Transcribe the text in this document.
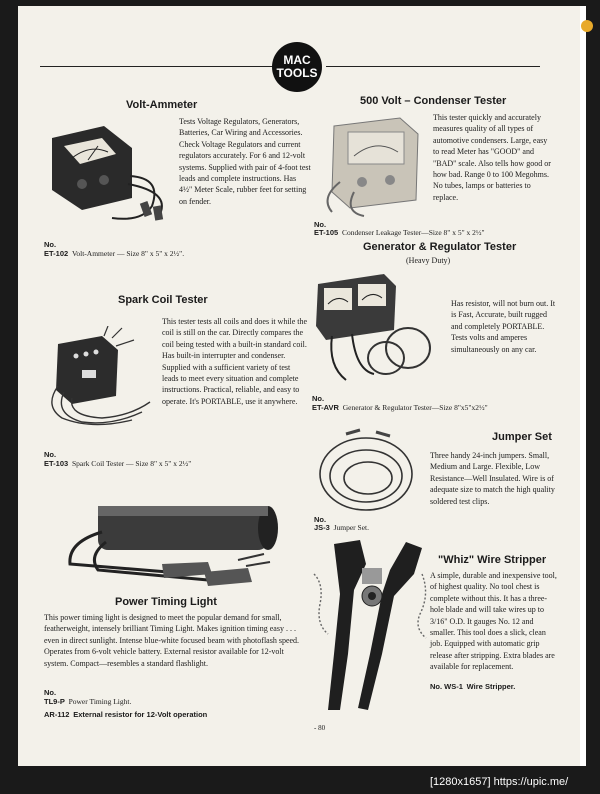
MAC
TOOLS
Volt-Ammeter
Tests Voltage Regulators, Generators, Batteries, Car Wiring and Accessories. Check Voltage Regulators and current regulators accurately. For 6 and 12-volt systems. Supplied with pair of 4-foot test leads and complete instructions. Has 4½" Meter Scale, rubber feet for setting on fender.
No.
ET-102 Volt-Ammeter — Size 8" x 5" x 2½".
500 Volt – Condenser Tester
This tester quickly and accurately measures quality of all types of automotive condensers. Large, easy to read Meter has "GOOD" and "BAD" scale. Also tells how good or how bad. Range 0 to 100 Megohms. No tubes, lamps or batteries to replace.
No.
ET-105 Condenser Leakage Tester—Size 8" x 5" x 2½"
Generator & Regulator Tester
(Heavy Duty)
Has resistor, will not burn out. It is Fast, Accurate, built rugged and completely PORTABLE. Tests volts and amperes simultaneously on any car.
No.
ET-AVR Generator & Regulator Tester—Size 8"x5"x2½"
Spark Coil Tester
This tester tests all coils and does it while the coil is still on the car. Directly compares the coil being tested with a built-in standard coil. Has built-in interrupter and condenser. Supplied with a sufficient variety of test leads to meet every situation and complete instructions. Practical, reliable, and easy to operate. It's PORTABLE, use it anywhere.
No.
ET-103 Spark Coil Tester — Size 8" x 5" x 2½"
Jumper Set
Three handy 24-inch jumpers. Small, Medium and Large. Flexible, Low Resistance—Well Insulated. Wire is of adequate size to match the high quality soldered test clips.
No.
JS-3 Jumper Set.
Power Timing Light
This power timing light is designed to meet the popular demand for small, featherweight, intensely brilliant Timing Light. Makes ignition timing easy . . . even in direct sunlight. Intense blue-white focused beam with photoflash speed. Operates from 6-volt vehicle battery. External resistor available for 12-volt system. Compact—resembles a standard flashlight.
No.
TL9-P Power Timing Light.
AR-112 External resistor for 12-Volt operation
"Whiz" Wire Stripper
A simple, durable and inexpensive tool, of highest quality. No tool chest is complete without this. It has a three-hole blade and will take wires up to 3/16" O.D. It gauges No. 12 and smaller. This tool does a slick, clean job. Equipped with automatic grip release after stripping. Extra blades are available for replacement.
No. WS-1 Wire Stripper.
- 80
[1280x1657] https://upic.me/
